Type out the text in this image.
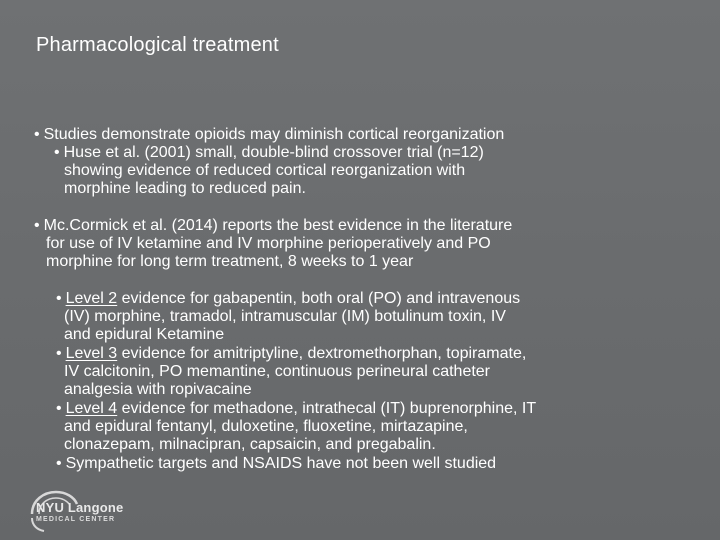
Pharmacological treatment
• Studies demonstrate opioids may diminish cortical reorganization
• Huse et al. (2001) small, double-blind crossover trial (n=12)
showing evidence of reduced cortical reorganization with
morphine leading to reduced pain.
• Mc.Cormick et al. (2014) reports the best evidence in the literature
for use of IV ketamine and IV morphine perioperatively and PO
morphine for long term treatment, 8 weeks to 1 year
• Level 2 evidence for gabapentin, both oral (PO) and intravenous
(IV) morphine, tramadol, intramuscular (IM) botulinum toxin, IV
and epidural Ketamine
• Level 3 evidence for amitriptyline, dextromethorphan, topiramate,
IV calcitonin, PO memantine, continuous perineural catheter
analgesia with ropivacaine
• Level 4 evidence for methadone, intrathecal (IT) buprenorphine, IT
and epidural fentanyl, duloxetine, fluoxetine, mirtazapine,
clonazepam, milnacipran, capsaicin, and pregabalin.
• Sympathetic targets and NSAIDS have not been well studied
NYU Langone
MEDICAL CENTER
